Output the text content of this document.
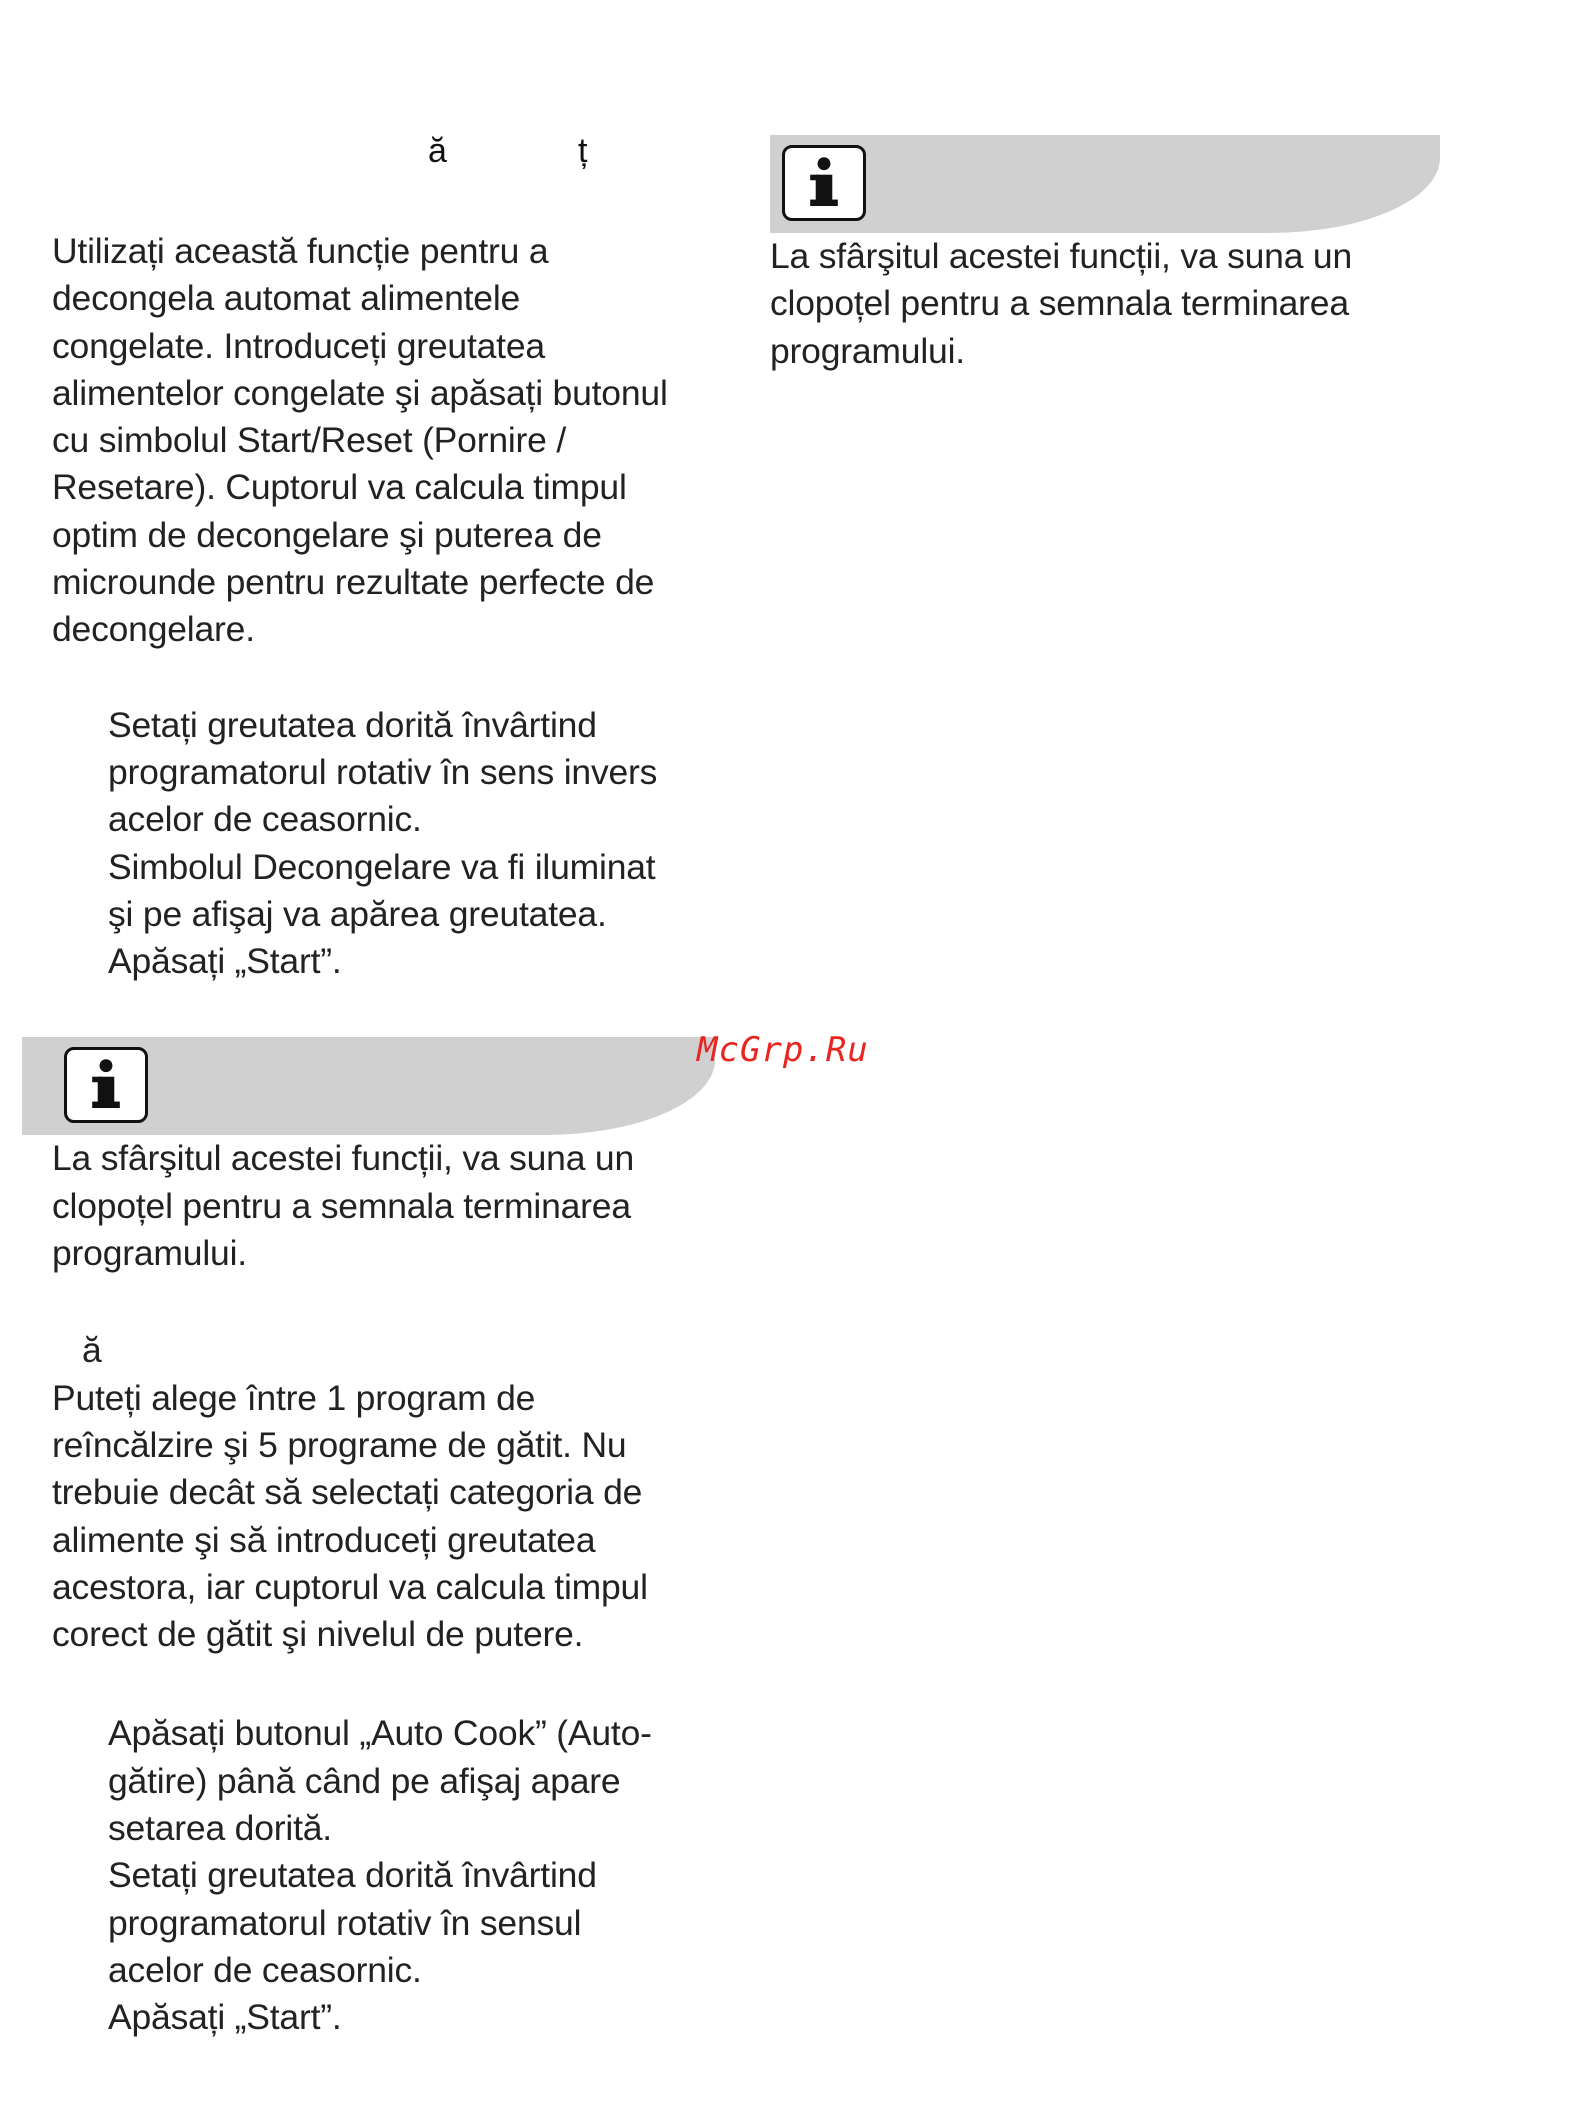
ă	ț

Utilizați această funcție pentru a

decongela automat alimentele

congelate. Introduceți greutatea

alimentelor congelate şi apăsați butonul

cu simbolul Start/Reset (Pornire /

Resetare). Cuptorul va calcula timpul

optim de decongelare şi puterea de

microunde pentru rezultate perfecte de

decongelare.

Setați greutatea dorită învârtind

programatorul rotativ în sens invers

acelor de ceasornic.

Simbolul Decongelare va fi iluminat

şi pe afişaj va apărea greutatea.

Apăsați „Start”.

La sfârşitul acestei funcții, va suna un

clopoțel pentru a semnala terminarea

programului.

ă

Puteți alege între 1 program de

reîncălzire şi 5 programe de gătit. Nu

trebuie decât să selectați categoria de

alimente şi să introduceți greutatea

acestora, iar cuptorul va calcula timpul

corect de gătit şi nivelul de putere.

Apăsați butonul „Auto Cook” (Auto-

gătire) până când pe afişaj apare

setarea dorită.

Setați greutatea dorită învârtind

programatorul rotativ în sensul

acelor de ceasornic.

Apăsați „Start”.

La sfârşitul acestei funcții, va suna un

clopoțel pentru a semnala terminarea

programului.

McGrp.Ru
